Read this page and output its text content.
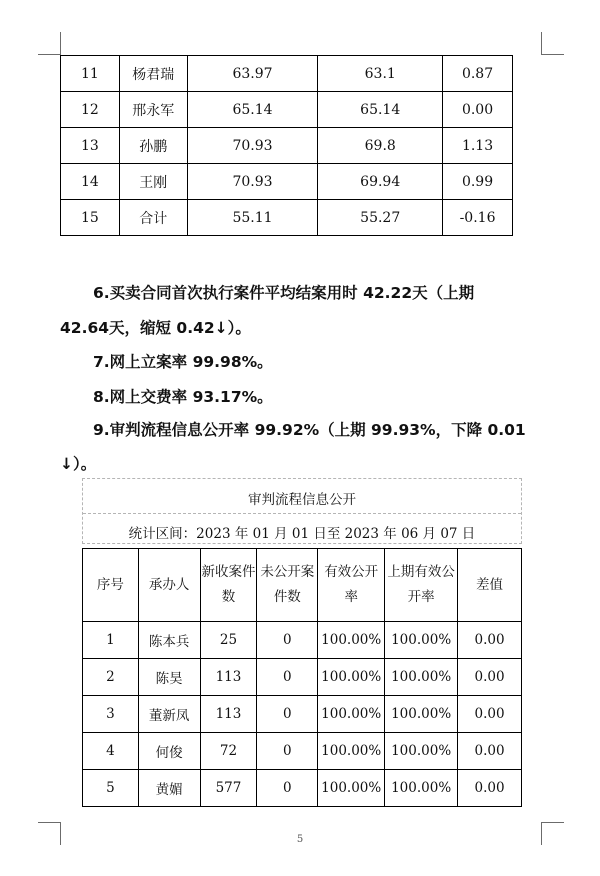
11	杨君瑞	63.97	63.1	0.87
12	邢永军	65.14	65.14	0.00
13	孙鹏	70.93	69.8	1.13
14	王刚	70.93	69.94	0.99
15	合计	55.11	55.27	-0.16
6.买卖合同首次执行案件平均结案用时 42.22天（上期
42.64天，缩短 0.42↓）。
7.网上立案率 99.98%。
8.网上交费率 93.17%。
9.审判流程信息公开率 99.92%（上期 99.93%，下降 0.01
↓）。
审判流程信息公开
统计区间：2023 年 01 月 01 日至 2023 年 06 月 07 日
序号	承办人	新收案件数	未公开案件数	有效公开率	上期有效公开率	差值
1	陈本兵	25	0	100.00%	100.00%	0.00
2	陈昊	113	0	100.00%	100.00%	0.00
3	董新凤	113	0	100.00%	100.00%	0.00
4	何俊	72	0	100.00%	100.00%	0.00
5	黄媚	577	0	100.00%	100.00%	0.00
5
